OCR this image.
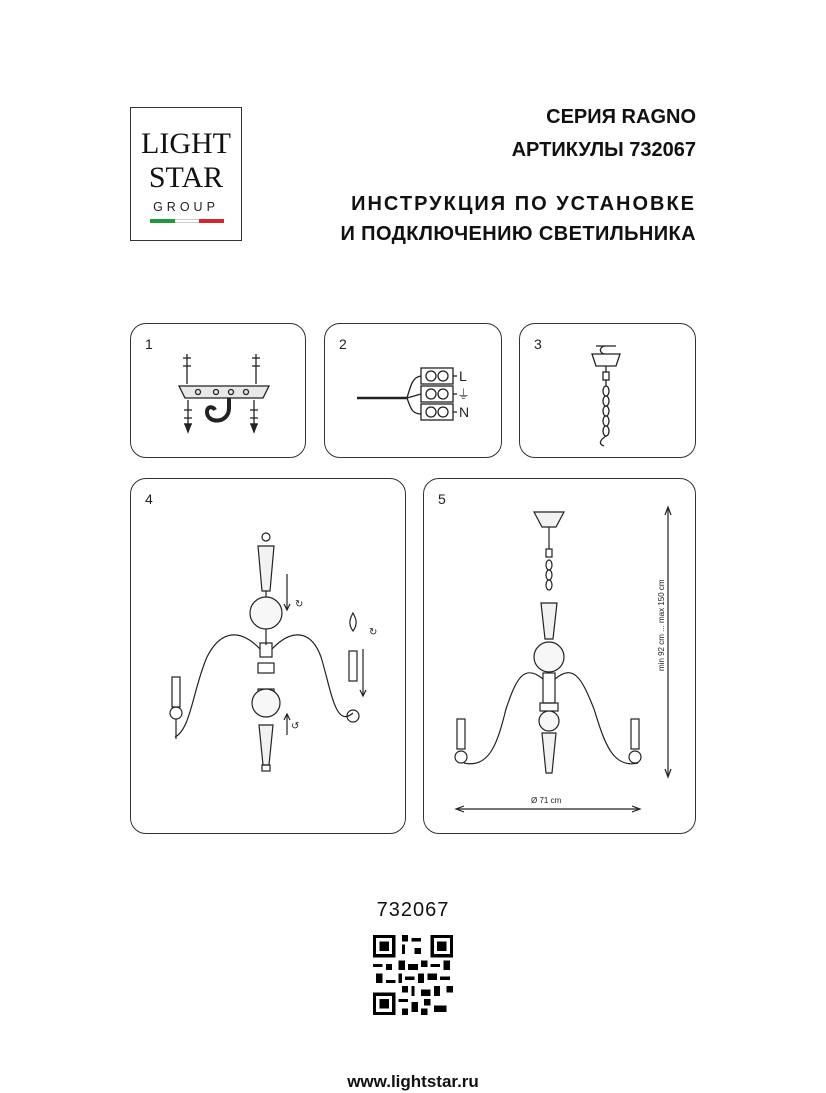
LIGHT
STAR
GROUP
СЕРИЯ RAGNO
АРТИКУЛЫ 732067
ИНСТРУКЦИЯ ПО УСТАНОВКЕ
И ПОДКЛЮЧЕНИЮ СВЕТИЛЬНИКА
1	2
L
⏚
N
3
4
↻
↻
↺
5
min 92 cm ... max 150 cm
Ø 71 cm
732067
www.lightstar.ru
